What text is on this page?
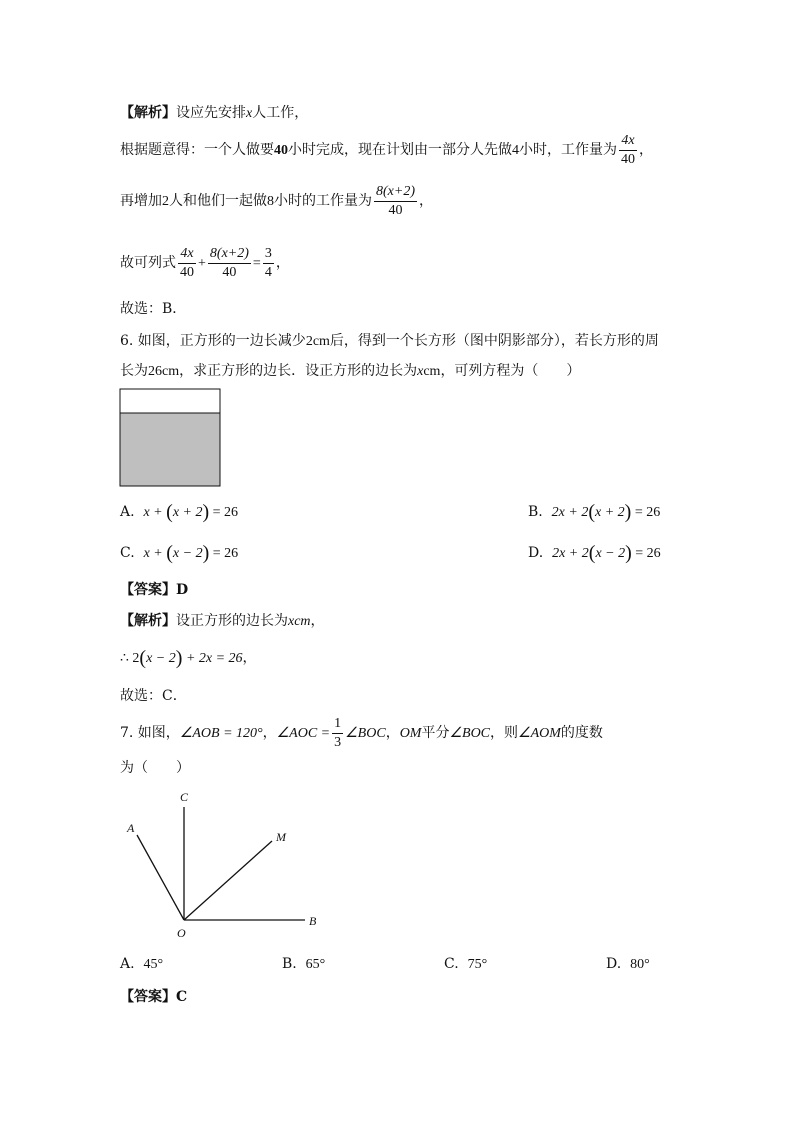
【解析】设应先安排x人工作，
根据题意得：一个人做要40小时完成，现在计划由一部分人先做4小时，工作量为 $\frac{4x}{40}$ ，
再增加2人和他们一起做8小时的工作量为 $\frac{8(x+2)}{40}$ ，
故可列式 $\frac{4x}{40} + \frac{8(x+2)}{40} = \frac{3}{4}$ ，
故选：B．
6. 如图，正方形的一边长减少2cm后，得到一个长方形（图中阴影部分），若长方形的周
长为26cm，求正方形的边长．设正方形的边长为xcm，可列方程为（　　）
A. x + (x + 2) = 26	B. 2x + 2(x + 2) = 26
C. x + (x − 2) = 26	D. 2x + 2(x − 2) = 26
【答案】D
【解析】设正方形的边长为xcm，
∴ 2(x − 2) + 2x = 26，
故选：C．
7. 如图，∠AOB = 120°，∠AOC = $\frac{1}{3}$ ∠BOC，OM平分∠BOC，则∠AOM的度数
为（　　）
A
C
M
O
B
A. 45°	B. 65°	C. 75°	D. 80°
【答案】C
